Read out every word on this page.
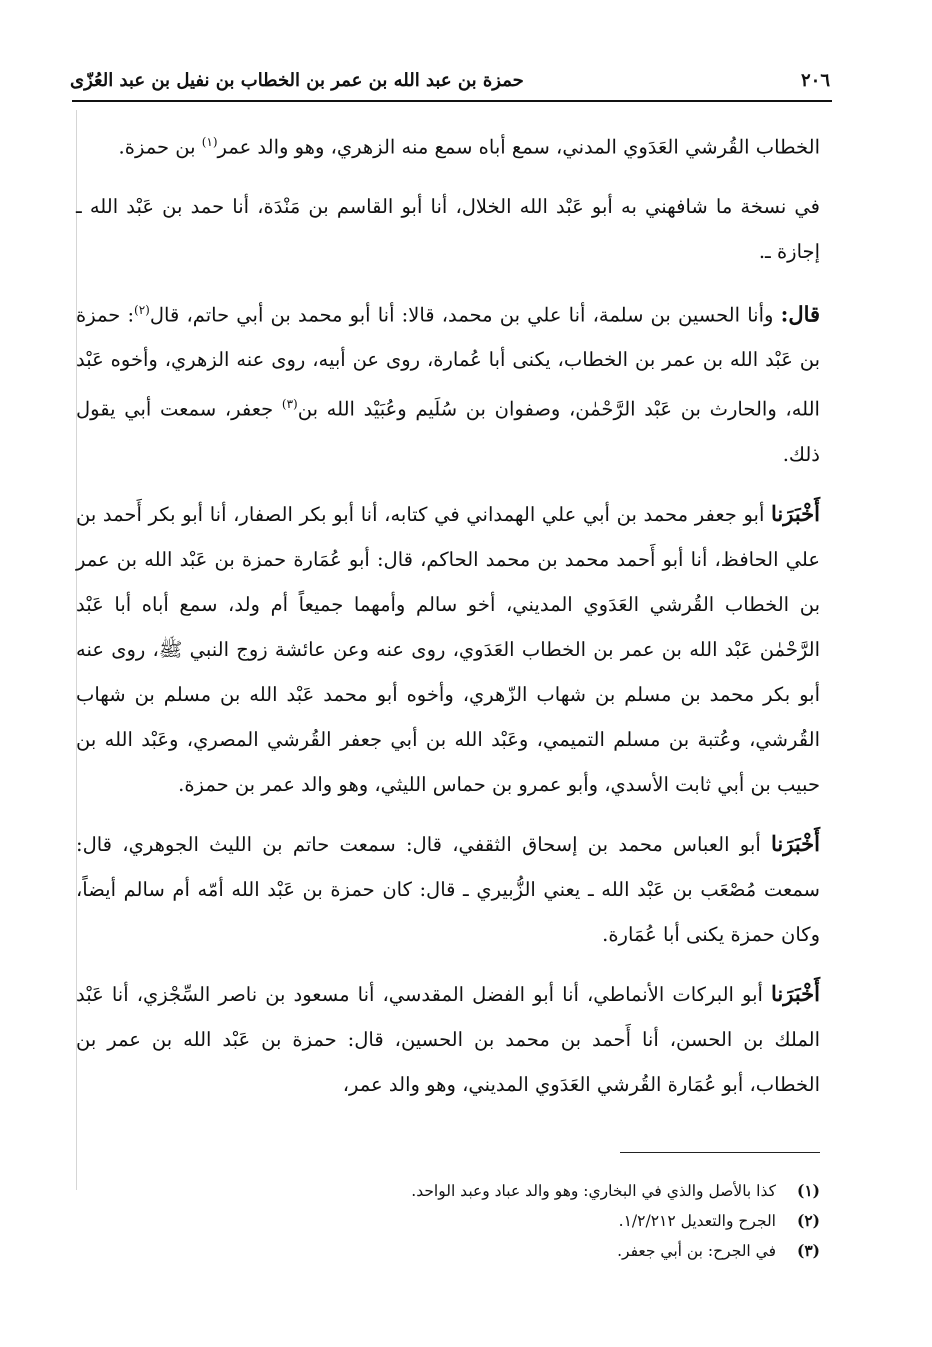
٢٠٦
حمزة بن عبد الله بن عمر بن الخطاب بن نفيل بن عبد العُزّى

الخطاب القُرشي العَدَوي المدني، سمع أباه سمع منه الزهري، وهو والد عمر$^{(١)}$ بن حمزة.

في نسخة ما شافهني به أبو عَبْد الله الخلال، أنا أبو القاسم بن مَنْدَة، أنا حمد بن عَبْد الله ـ إجازة ـ.

قال: وأنا الحسين بن سلمة، أنا علي بن محمد، قالا: أنا أبو محمد بن أبي حاتم، قال$^{(٢)}$: حمزة بن عَبْد الله بن عمر بن الخطاب، يكنى أبا عُمارة، روى عن أبيه، روى عنه الزهري، وأخوه عَبْد الله، والحارث بن عَبْد الرَّحْمٰن، وصفوان بن سُلَيم وعُبَيْد الله بن$^{(٣)}$ جعفر، سمعت أبي يقول ذلك.

أَخْبَرَنا أبو جعفر محمد بن أبي علي الهمداني في كتابه، أنا أبو بكر الصفار، أنا أبو بكر أَحمد بن علي الحافظ، أنا أبو أَحمد محمد بن محمد الحاكم، قال: أبو عُمَارة حمزة بن عَبْد الله بن عمر بن الخطاب القُرشي العَدَوي المديني، أخو سالم وأمهما جميعاً أم ولد، سمع أباه أبا عَبْد الرَّحْمٰن عَبْد الله بن عمر بن الخطاب العَدَوي، روى عنه وعن عائشة زوج النبي ﷺ، روى عنه أبو بكر محمد بن مسلم بن شهاب الزّهري، وأخوه أبو محمد عَبْد الله بن مسلم بن شهاب القُرشي، وعُتبة بن مسلم التميمي، وعَبْد الله بن أبي جعفر القُرشي المصري، وعَبْد الله بن حبيب بن أبي ثابت الأسدي، وأبو عمرو بن حماس الليثي، وهو والد عمر بن حمزة.

أَخْبَرَنا أبو العباس محمد بن إسحاق الثقفي، قال: سمعت حاتم بن الليث الجوهري، قال: سمعت مُصْعَب بن عَبْد الله ـ يعني الزُّبيري ـ قال: كان حمزة بن عَبْد الله أمّه أم سالم أيضاً، وكان حمزة يكنى أبا عُمَارة.

أَخْبَرَنا أبو البركات الأنماطي، أنا أبو الفضل المقدسي، أنا مسعود بن ناصر السِّجْزي، أنا عَبْد الملك بن الحسن، أنا أَحمد بن محمد بن الحسين، قال: حمزة بن عَبْد الله بن عمر بن الخطاب، أبو عُمَارة القُرشي العَدَوي المديني، وهو والد عمر،

(١)
كذا بالأصل والذي في البخاري: وهو والد عباد وعبد الواحد.
(٢)
الجرح والتعديل ١/٢/٢١٢.
(٣)
في الجرح: بن أبي جعفر.
